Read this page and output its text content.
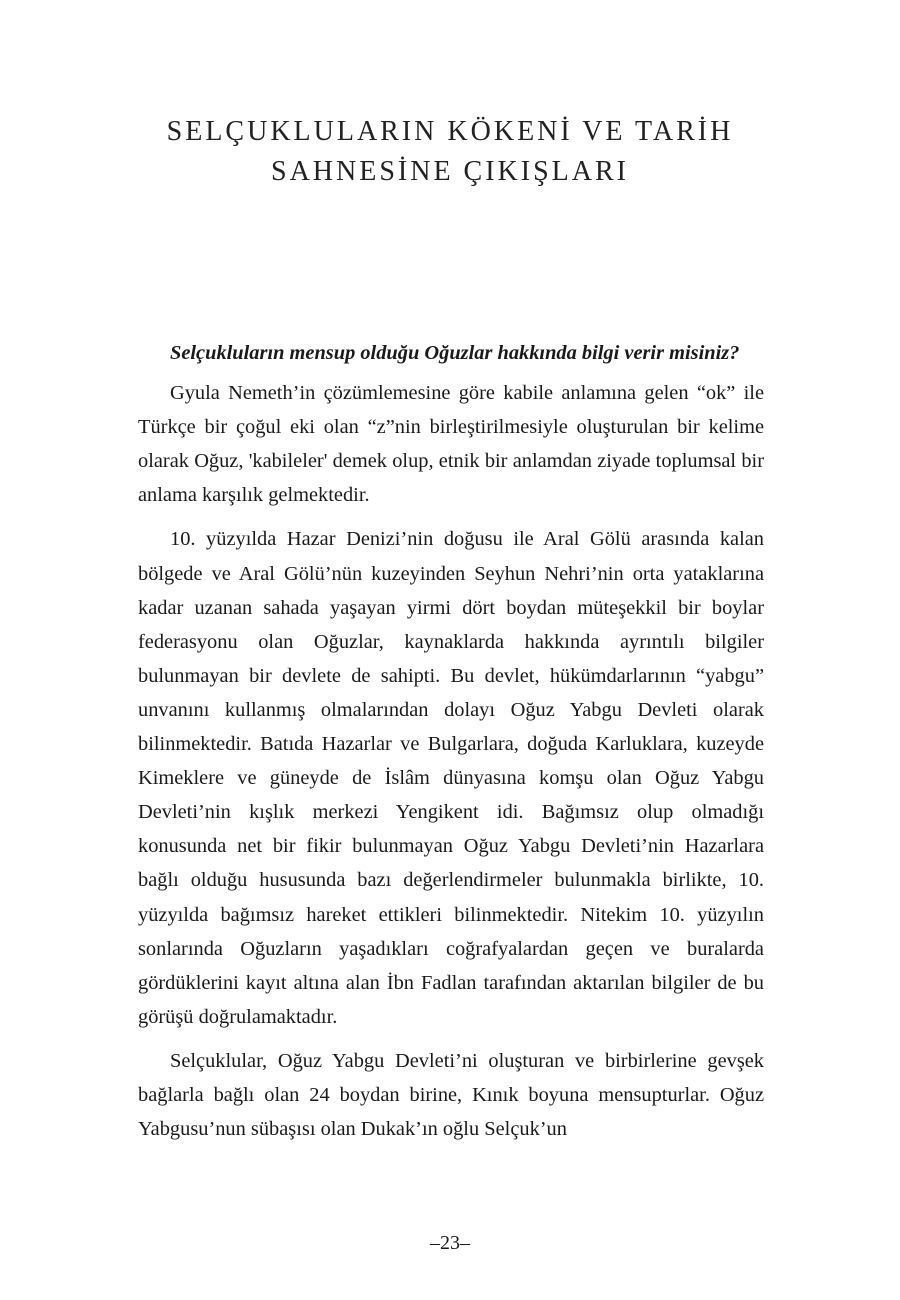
SELÇUKLULARIN KÖKENİ VE TARİH
SAHNESİNE ÇIKIŞLARI

Selçukluların mensup olduğu Oğuzlar hakkında bilgi verir misiniz?

Gyula Nemeth’in çözümlemesine göre kabile anlamına gelen “ok” ile Türkçe bir çoğul eki olan “z”nin birleştirilmesiyle oluşturulan bir kelime olarak Oğuz, 'kabileler' demek olup, etnik bir anlamdan ziyade toplumsal bir anlama karşılık gelmektedir.

10. yüzyılda Hazar Denizi’nin doğusu ile Aral Gölü arasında kalan bölgede ve Aral Gölü’nün kuzeyinden Seyhun Nehri’nin orta yataklarına kadar uzanan sahada yaşayan yirmi dört boydan müteşekkil bir boylar federasyonu olan Oğuzlar, kaynaklarda hakkında ayrıntılı bilgiler bulunmayan bir devlete de sahipti. Bu devlet, hükümdarlarının “yabgu” unvanını kullanmış olmalarından dolayı Oğuz Yabgu Devleti olarak bilinmektedir. Batıda Hazarlar ve Bulgarlara, doğuda Karluklara, kuzeyde Kimeklere ve güneyde de İslâm dünyasına komşu olan Oğuz Yabgu Devleti’nin kışlık merkezi Yengikent idi. Bağımsız olup olmadığı konusunda net bir fikir bulunmayan Oğuz Yabgu Devleti’nin Hazarlara bağlı olduğu hususunda bazı değerlendirmeler bulunmakla birlikte, 10. yüzyılda bağımsız hareket ettikleri bilinmektedir. Nitekim 10. yüzyılın sonlarında Oğuzların yaşadıkları coğrafyalardan geçen ve buralarda gördüklerini kayıt altına alan İbn Fadlan tarafından aktarılan bilgiler de bu görüşü doğrulamaktadır.

Selçuklular, Oğuz Yabgu Devleti’ni oluşturan ve birbirlerine gevşek bağlarla bağlı olan 24 boydan birine, Kınık boyuna mensupturlar. Oğuz Yabgusu’nun sübaşısı olan Dukak’ın oğlu Selçuk’un

–23–
